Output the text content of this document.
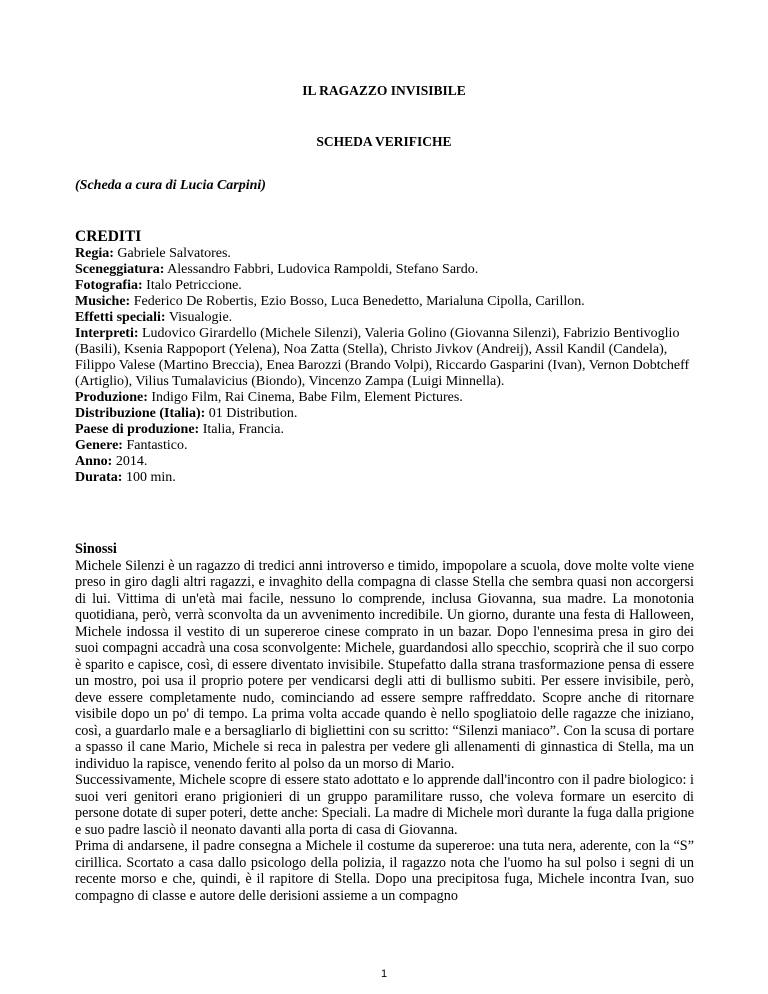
IL RAGAZZO INVISIBILE
SCHEDA VERIFICHE
(Scheda a cura di Lucia Carpini)
CREDITI
Regia: Gabriele Salvatores.
Sceneggiatura: Alessandro Fabbri, Ludovica Rampoldi, Stefano Sardo.
Fotografia: Italo Petriccione.
Musiche: Federico De Robertis, Ezio Bosso, Luca Benedetto, Marialuna Cipolla, Carillon.
Effetti speciali: Visualogie.
Interpreti: Ludovico Girardello (Michele Silenzi), Valeria Golino (Giovanna Silenzi), Fabrizio Bentivoglio (Basili), Ksenia Rappoport (Yelena), Noa Zatta (Stella), Christo Jivkov (Andreij), Assil Kandil (Candela), Filippo Valese (Martino Breccia), Enea Barozzi (Brando Volpi), Riccardo Gasparini (Ivan), Vernon Dobtcheff (Artiglio), Vilius Tumalavicius (Biondo), Vincenzo Zampa (Luigi Minnella).
Produzione: Indigo Film, Rai Cinema, Babe Film, Element Pictures.
Distribuzione (Italia): 01 Distribution.
Paese di produzione: Italia, Francia.
Genere: Fantastico.
Anno: 2014.
Durata: 100 min.
Sinossi

Michele Silenzi è un ragazzo di tredici anni introverso e timido, impopolare a scuola, dove molte volte viene preso in giro dagli altri ragazzi, e invaghito della compagna di classe Stella che sembra quasi non accorgersi di lui. Vittima di un'età mai facile, nessuno lo comprende, inclusa Giovanna, sua madre. La monotonia quotidiana, però, verrà sconvolta da un avvenimento incredibile. Un giorno, durante una festa di Halloween, Michele indossa il vestito di un supereroe cinese comprato in un bazar. Dopo l'ennesima presa in giro dei suoi compagni accadrà una cosa sconvolgente: Michele, guardandosi allo specchio, scoprirà che il suo corpo è sparito e capisce, così, di essere diventato invisibile. Stupefatto dalla strana trasformazione pensa di essere un mostro, poi usa il proprio potere per vendicarsi degli atti di bullismo subiti. Per essere invisibile, però, deve essere completamente nudo, cominciando ad essere sempre raffreddato. Scopre anche di ritornare visibile dopo un po' di tempo. La prima volta accade quando è nello spogliatoio delle ragazze che iniziano, così, a guardarlo male e a bersagliarlo di bigliettini con su scritto: “Silenzi maniaco”. Con la scusa di portare a spasso il cane Mario, Michele si reca in palestra per vedere gli allenamenti di ginnastica di Stella, ma un individuo la rapisce, venendo ferito al polso da un morso di Mario.

Successivamente, Michele scopre di essere stato adottato e lo apprende dall'incontro con il padre biologico: i suoi veri genitori erano prigionieri di un gruppo paramilitare russo, che voleva formare un esercito di persone dotate di super poteri, dette anche: Speciali. La madre di Michele morì durante la fuga dalla prigione e suo padre lasciò il neonato davanti alla porta di casa di Giovanna.

Prima di andarsene, il padre consegna a Michele il costume da supereroe: una tuta nera, aderente, con la “S” cirillica. Scortato a casa dallo psicologo della polizia, il ragazzo nota che l'uomo ha sul polso i segni di un recente morso e che, quindi, è il rapitore di Stella. Dopo una precipitosa fuga, Michele incontra Ivan, suo compagno di classe e autore delle derisioni assieme a un compagno

1
